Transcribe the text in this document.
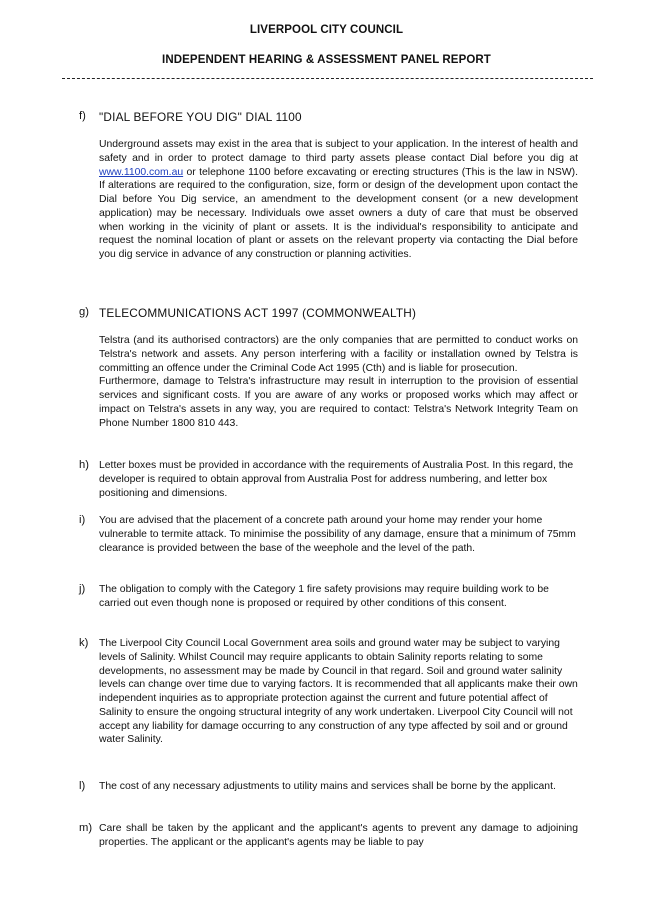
LIVERPOOL CITY COUNCIL
INDEPENDENT HEARING & ASSESSMENT PANEL REPORT
f) "DIAL BEFORE YOU DIG" DIAL 1100
Underground assets may exist in the area that is subject to your application. In the interest of health and safety and in order to protect damage to third party assets please contact Dial before you dig at www.1100.com.au or telephone 1100 before excavating or erecting structures (This is the law in NSW). If alterations are required to the configuration, size, form or design of the development upon contact the Dial before You Dig service, an amendment to the development consent (or a new development application) may be necessary. Individuals owe asset owners a duty of care that must be observed when working in the vicinity of plant or assets. It is the individual's responsibility to anticipate and request the nominal location of plant or assets on the relevant property via contacting the Dial before you dig service in advance of any construction or planning activities.
g) TELECOMMUNICATIONS ACT 1997 (COMMONWEALTH)

Telstra (and its authorised contractors) are the only companies that are permitted to conduct works on Telstra's network and assets. Any person interfering with a facility or installation owned by Telstra is committing an offence under the Criminal Code Act 1995 (Cth) and is liable for prosecution.

Furthermore, damage to Telstra's infrastructure may result in interruption to the provision of essential services and significant costs. If you are aware of any works or proposed works which may affect or impact on Telstra's assets in any way, you are required to contact: Telstra's Network Integrity Team on Phone Number 1800 810 443.

h) Letter boxes must be provided in accordance with the requirements of Australia Post. In this regard, the developer is required to obtain approval from Australia Post for address numbering, and letter box positioning and dimensions.
i) You are advised that the placement of a concrete path around your home may render your home vulnerable to termite attack. To minimise the possibility of any damage, ensure that a minimum of 75mm clearance is provided between the base of the weephole and the level of the path.
j) The obligation to comply with the Category 1 fire safety provisions may require building work to be carried out even though none is proposed or required by other conditions of this consent.
k) The Liverpool City Council Local Government area soils and ground water may be subject to varying levels of Salinity. Whilst Council may require applicants to obtain Salinity reports relating to some developments, no assessment may be made by Council in that regard. Soil and ground water salinity levels can change over time due to varying factors. It is recommended that all applicants make their own independent inquiries as to appropriate protection against the current and future potential affect of Salinity to ensure the ongoing structural integrity of any work undertaken. Liverpool City Council will not accept any liability for damage occurring to any construction of any type affected by soil and or ground water Salinity.
l) The cost of any necessary adjustments to utility mains and services shall be borne by the applicant.
m) Care shall be taken by the applicant and the applicant's agents to prevent any damage to adjoining properties. The applicant or the applicant's agents may be liable to pay
